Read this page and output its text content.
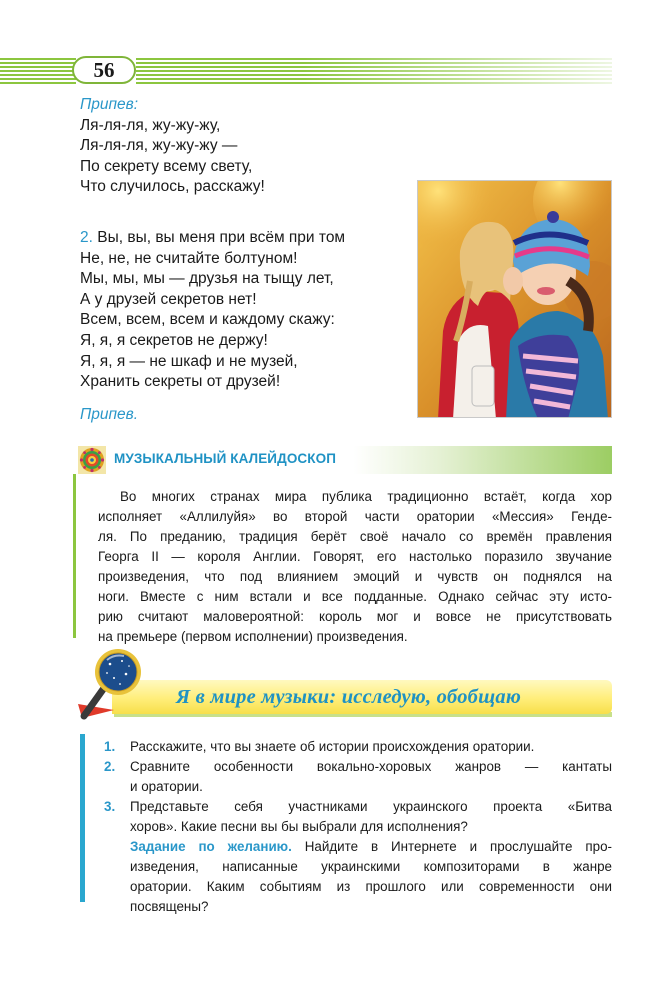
56
Припев:
Ля-ля-ля, жу-жу-жу,
Ля-ля-ля, жу-жу-жу —
По секрету всему свету,
Что случилось, расскажу!
2. Вы, вы, вы меня при всём при том
Не, не, не считайте болтуном!
Мы, мы, мы — друзья на тыщу лет,
А у друзей секретов нет!
Всем, всем, всем и каждому скажу:
Я, я, я секретов не держу!
Я, я, я — не шкаф и не музей,
Хранить секреты от друзей!
Припев.
МУЗЫКАЛЬНЫЙ КАЛЕЙДОСКОП
Во многих странах мира публика традиционно встаёт, когда хор
исполняет «Аллилуйя» во второй части оратории «Мессия» Генде-
ля. По преданию, традиция берёт своё начало со времён правления
Георга II — короля Англии. Говорят, его настолько поразило звучание
произведения, что под влиянием эмоций и чувств он поднялся на
ноги. Вместе с ним встали и все подданные. Однако сейчас эту исто-
рию считают маловероятной: король мог и вовсе не присутствовать
на премьере (первом исполнении) произведения.
Я в мире музыки: исследую, обобщаю
1. Расскажите, что вы знаете об истории происхождения оратории.
2. Сравните особенности вокально-хоровых жанров — кантаты
и оратории.
3. Представьте себя участниками украинского проекта «Битва
хоров». Какие песни вы бы выбрали для исполнения?
Задание по желанию. Найдите в Интернете и прослушайте про-
изведения, написанные украинскими композиторами в жанре
оратории. Каким событиям из прошлого или современности они
посвящены?
